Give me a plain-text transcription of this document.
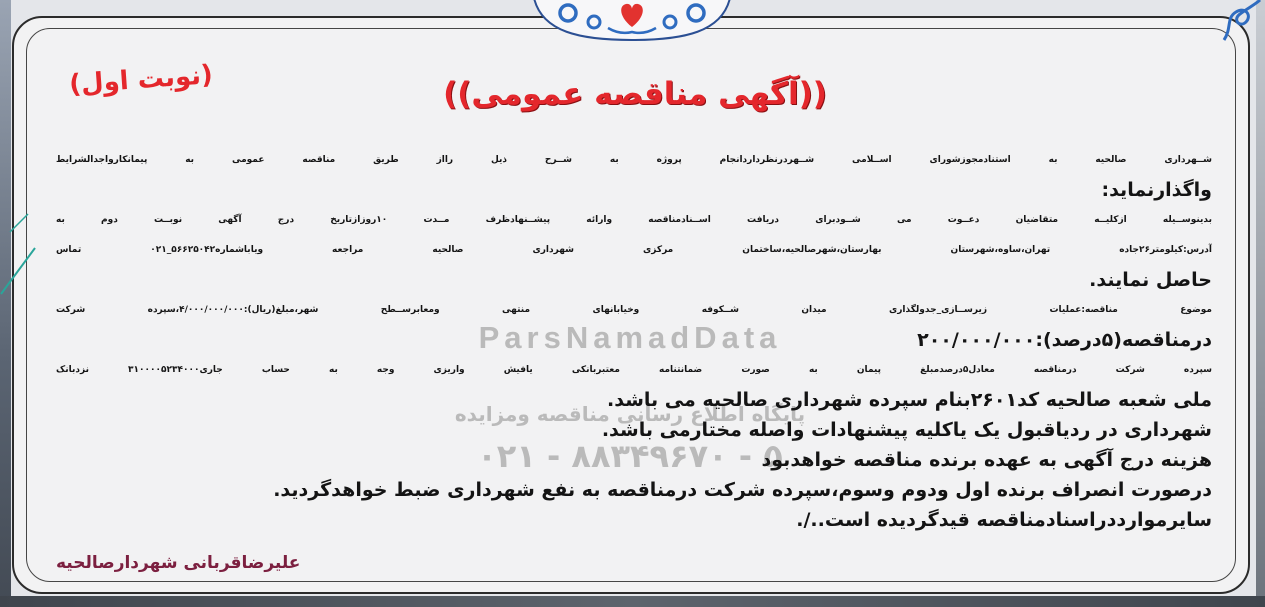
ParsNamadData
پایگاه اطلاع رسانی مناقصه ومزایده
۰۲۱ - ۸۸۳۴۹۶۷۰ - ۵
(نوبت اول)	((آگهی مناقصه عمومی))
شــهرداری صالحیه به استنادمجوزشورای اســلامی شــهردرنظرداردانجام پروژه به شــرح ذیل رااز طریق مناقصه عمومی به پیمانکارواجدالشرایط
واگذارنماید:
بدینوســیله ازکلیــه متقاضیان دعــوت می شــودبرای دریافت اســنادمناقصه وارائه پیشــنهادظرف مــدت ۱۰روزازتاریخ درج آگهی نوبــت دوم به
آدرس:کیلومتر۲۶جاده تهران،ساوه،شهرستان بهارستان،شهرصالحیه،ساختمان مرکزی شهرداری صالحیه مراجعه ویاباشماره۵۶۶۲۵۰۴۲_۰۲۱ تماس
حاصل نمایند.
موضوع مناقصه:عملیات زیرســازی_جدولگذاری میدان شــکوفه وخیابانهای منتهی ومعابرســطح شهر،مبلغ(ریال):۴/۰۰۰/۰۰۰/۰۰۰،سپرده شرکت
درمناقصه(۵درصد):۲۰۰/۰۰۰/۰۰۰
سپرده شرکت درمناقصه معادل۵درصدمبلغ پیمان به صورت ضمانتنامه معتبربانکی یافیش واریزی وجه به حساب جاری۳۱۰۰۰۰۵۲۳۴۰۰۰ نزدبانک
ملی شعبه صالحیه کد۲۶۰۱بنام سپرده شهرداری صالحیه می باشد.
شهرداری در ردیاقبول یک یاکلیه پیشنهادات واصله مختارمی باشد.
هزینه درج آگهی به عهده برنده مناقصه خواهدبود
درصورت انصراف برنده اول ودوم وسوم،سپرده شرکت درمناقصه به نفع شهرداری ضبط خواهدگردید.
سایرموارددراسنادمناقصه قیدگردیده است../.
علیرضاقربانی شهردارصالحیه
